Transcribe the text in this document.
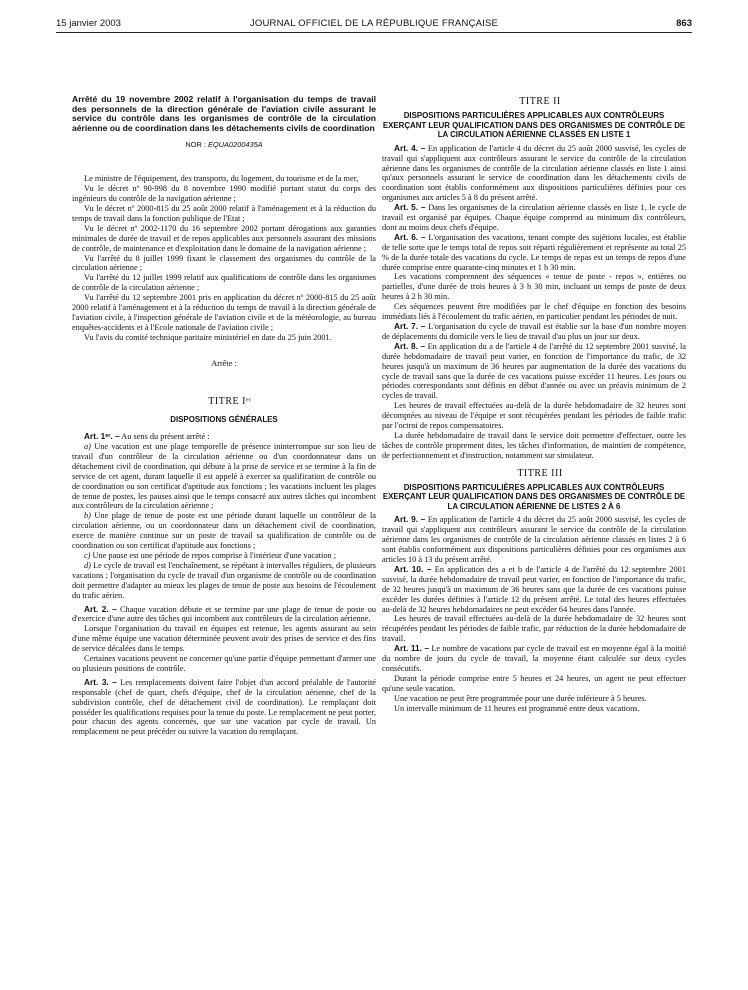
15 janvier 2003	JOURNAL OFFICIEL DE LA RÉPUBLIQUE FRANÇAISE	863

Arrêté du 19 novembre 2002 relatif à l'organisation du temps de travail des personnels de la direction générale de l'aviation civile assurant le service du contrôle dans les organismes de contrôle de la circulation aérienne ou de coordination dans les détachements civils de coordination

NOR : EQUA0200435A

Le ministre de l'équipement, des transports, du logement, du tourisme et de la mer,

Vu le décret nº 90-998 du 8 novembre 1990 modifié portant statut du corps des ingénieurs du contrôle de la navigation aérienne ;

Vu le décret nº 2000-815 du 25 août 2000 relatif à l'aménagement et à la réduction du temps de travail dans la fonction publique de l'Etat ;

Vu le décret nº 2002-1170 du 16 septembre 2002 portant dérogations aux garanties minimales de durée de travail et de repos applicables aux personnels assurant des missions de contrôle, de maintenance et d'exploitation dans le domaine de la navigation aérienne ;

Vu l'arrêté du 8 juillet 1999 fixant le classement des organismes du contrôle de la circulation aérienne ;

Vu l'arrêté du 12 juillet 1999 relatif aux qualifications de contrôle dans les organismes de contrôle de la circulation aérienne ;

Vu l'arrêté du 12 septembre 2001 pris en application du décret nº 2000-815 du 25 août 2000 relatif à l'aménagement et à la réduction du temps de travail à la direction générale de l'aviation civile, à l'inspection générale de l'aviation civile et de la météorologie, au bureau enquêtes-accidents et à l'Ecole nationale de l'aviation civile ;

Vu l'avis du comité technique paritaire ministériel en date du 25 juin 2001.

Arrête :

TITRE Iᵉʳ

DISPOSITIONS GÉNÉRALES

Art. 1ᵉʳ. – Au sens du présent arrêté :

a) Une vacation est une plage temporelle de présence ininterrompue sur son lieu de travail d'un contrôleur de la circulation aérienne ou d'un coordonnateur dans un détachement civil de coordination, qui débute à la prise de service et se termine à la fin de service de cet agent, durant laquelle il est appelé à exercer sa qualification de contrôle ou de coordination ou son certificat d'aptitude aux fonctions ; les vacations incluent les plages de tenue de postes, les pauses ainsi que le temps consacré aux autres tâches qui incombent aux contrôleurs de la circulation aérienne ;

b) Une plage de tenue de poste est une période durant laquelle un contrôleur de la circulation aérienne, ou un coordonnateur dans un détachement civil de coordination, exerce de manière continue sur un poste de travail sa qualification de contrôle ou de coordination ou son certificat d'aptitude aux fonctions ;

c) Une pause est une période de repos comprise à l'intérieur d'une vacation ;

d) Le cycle de travail est l'enchaînement, se répétant à intervalles réguliers, de plusieurs vacations ; l'organisation du cycle de travail d'un organisme de contrôle ou de coordination doit permettre d'adapter au mieux les plages de tenue de poste aux besoins de l'écoulement du trafic aérien.

Art. 2. – Chaque vacation débute et se termine par une plage de tenue de poste ou d'exercice d'une autre des tâches qui incombent aux contrôleurs de la circulation aérienne.

Lorsque l'organisation du travail en équipes est retenue, les agents assurant au sein d'une même équipe une vacation déterminée peuvent avoir des prises de service et des fins de service décalées dans le temps.

Certaines vacations peuvent ne concerner qu'une partie d'équipe permettant d'armer une ou plusieurs positions de contrôle.

Art. 3. – Les remplacements doivent faire l'objet d'un accord préalable de l'autorité responsable (chef de quart, chefs d'équipe, chef de la circulation aérienne, chef de la subdivision contrôle, chef de détachement civil de coordination). Le remplaçant doit posséder les qualifications requises pour la tenue du poste. Le remplacement ne peut porter, pour chacun des agents concernés, que sur une vacation par cycle de travail. Un remplacement ne peut précéder ou suivre la vacation du remplaçant.

TITRE II

DISPOSITIONS PARTICULIÈRES APPLICABLES AUX CONTRÔLEURS EXERÇANT LEUR QUALIFICATION DANS DES ORGANISMES DE CONTRÔLE DE LA CIRCULATION AÉRIENNE CLASSÉS EN LISTE 1

Art. 4. – En application de l'article 4 du décret du 25 août 2000 susvisé, les cycles de travail qui s'appliquent aux contrôleurs assurant le service du contrôle de la circulation aérienne dans les organismes de contrôle de la circulation aérienne classés en liste 1 ainsi qu'aux personnels assurant le service de coordination dans les détachements civils de coordination sont établis conformément aux dispositions particulières définies pour ces organismes aux articles 5 à 8 du présent arrêté.

Art. 5. – Dans les organismes de la circulation aérienne classés en liste 1, le cycle de travail est organisé par équipes. Chaque équipe comprend au minimum dix contrôleurs, dont au moins deux chefs d'équipe.

Art. 6. – L'organisation des vacations, tenant compte des sujétions locales, est établie de telle sorte que le temps total de repos soit réparti régulièrement et représente au total 25 % de la durée totale des vacations du cycle. Le temps de repas est un temps de repos d'une durée comprise entre quarante-cinq minutes et 1 h 30 min.

Les vacations comprennent des séquences « tenue de poste - repos », entières ou partielles, d'une durée de trois heures à 3 h 30 min, incluant un temps de poste de deux heures à 2 h 30 min.

Ces séquences peuvent être modifiées par le chef d'équipe en fonction des besoins immédiats liés à l'écoulement du trafic aérien, en particulier pendant les périodes de nuit.

Art. 7. – L'organisation du cycle de travail est établie sur la base d'un nombre moyen de déplacements du domicile vers le lieu de travail d'au plus un jour sur deux.

Art. 8. – En application du a de l'article 4 de l'arrêté du 12 septembre 2001 susvisé, la durée hebdomadaire de travail peut varier, en fonction de l'importance du trafic, de 32 heures jusqu'à un maximum de 36 heures par augmentation de la durée des vacations du cycle de travail sans que la durée de ces vacations puisse excéder 11 heures. Les jours ou périodes correspondants sont définis en début d'année ou avec un préavis minimum de 2 cycles de travail.

Les heures de travail effectuées au-delà de la durée hebdomadaire de 32 heures sont décomptées au niveau de l'équipe et sont récupérées pendant les périodes de faible trafic par l'octroi de repos compensatoires.

La durée hebdomadaire de travail dans le service doit permettre d'effectuer, outre les tâches de contrôle proprement dites, les tâches d'information, de maintien de compétence, de perfectionnement et d'instruction, notamment sur simulateur.

TITRE III

DISPOSITIONS PARTICULIÈRES APPLICABLES AUX CONTRÔLEURS EXERÇANT LEUR QUALIFICATION DANS DES ORGANISMES DE CONTRÔLE DE LA CIRCULATION AÉRIENNE DE LISTES 2 À 6

Art. 9. – En application de l'article 4 du décret du 25 août 2000 susvisé, les cycles de travail qui s'appliquent aux contrôleurs assurant le service du contrôle de la circulation aérienne dans les organismes de contrôle de la circulation aérienne classés en listes 2 à 6 sont établis conformément aux dispositions particulières définies pour ces organismes aux articles 10 à 13 du présent arrêté.

Art. 10. – En application des a et b de l'article 4 de l'arrêté du 12 septembre 2001 susvisé, la durée hebdomadaire de travail peut varier, en fonction de l'importance du trafic, de 32 heures jusqu'à un maximum de 36 heures sans que la durée de ces vacations puisse excéder les durées définies à l'article 12 du présent arrêté. Le total des heures effectuées au-delà de 32 heures hebdomadaires ne peut excéder 64 heures dans l'année.

Les heures de travail effectuées au-delà de la durée hebdomadaire de 32 heures sont récupérées pendant les périodes de faible trafic, par réduction de la durée hebdomadaire de travail.

Art. 11. – Le nombre de vacations par cycle de travail est en moyenne égal à la moitié du nombre de jours du cycle de travail, la moyenne étant calculée sur deux cycles consécutifs.

Durant la période comprise entre 5 heures et 24 heures, un agent ne peut effectuer qu'une seule vacation.

Une vacation ne peut être programmée pour une durée inférieure à 5 heures.

Un intervalle minimum de 11 heures est programmé entre deux vacations.
